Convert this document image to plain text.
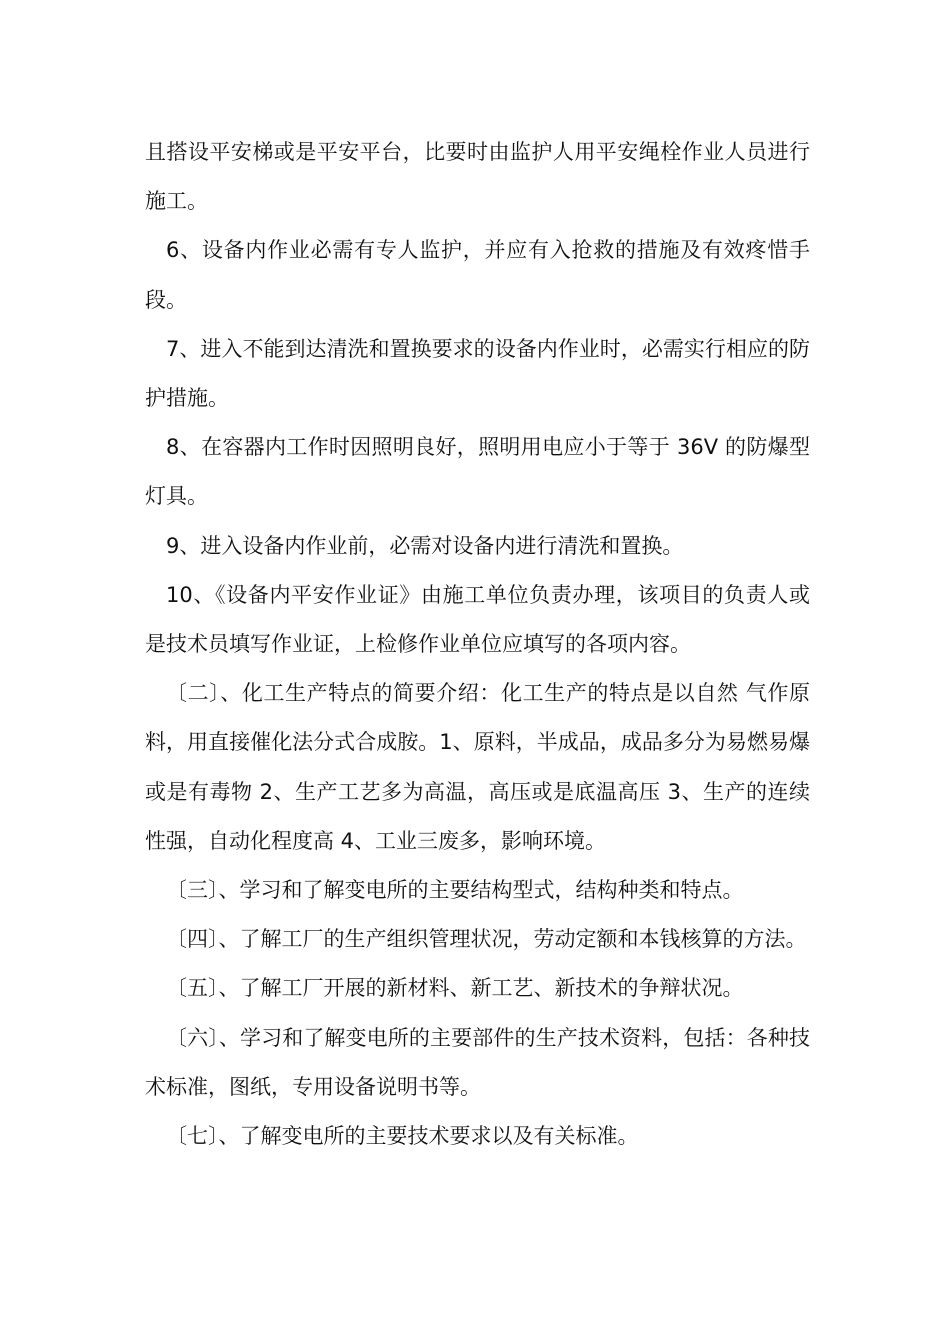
且搭设平安梯或是平安平台，比要时由监护人用平安绳栓作业人员进行施工。

6、设备内作业必需有专人监护，并应有入抢救的措施及有效疼惜手段。

7、进入不能到达清洗和置换要求的设备内作业时，必需实行相应的防护措施。

8、在容器内工作时因照明良好，照明用电应小于等于 36V 的防爆型灯具。

9、进入设备内作业前，必需对设备内进行清洗和置换。

10、《设备内平安作业证》由施工单位负责办理，该项目的负责人或是技术员填写作业证，上检修作业单位应填写的各项内容。

〔二〕、化工生产特点的简要介绍：化工生产的特点是以自然 气作原料，用直接催化法分式合成胺。1、原料，半成品，成品多分为易燃易爆或是有毒物 2、生产工艺多为高温，高压或是底温高压 3、生产的连续性强，自动化程度高 4、工业三废多，影响环境。

〔三〕、学习和了解变电所的主要结构型式，结构种类和特点。

〔四〕、了解工厂的生产组织管理状况，劳动定额和本钱核算的方法。

〔五〕、了解工厂开展的新材料、新工艺、新技术的争辩状况。

〔六〕、学习和了解变电所的主要部件的生产技术资料，包括：各种技术标准，图纸，专用设备说明书等。

〔七〕、了解变电所的主要技术要求以及有关标准。
